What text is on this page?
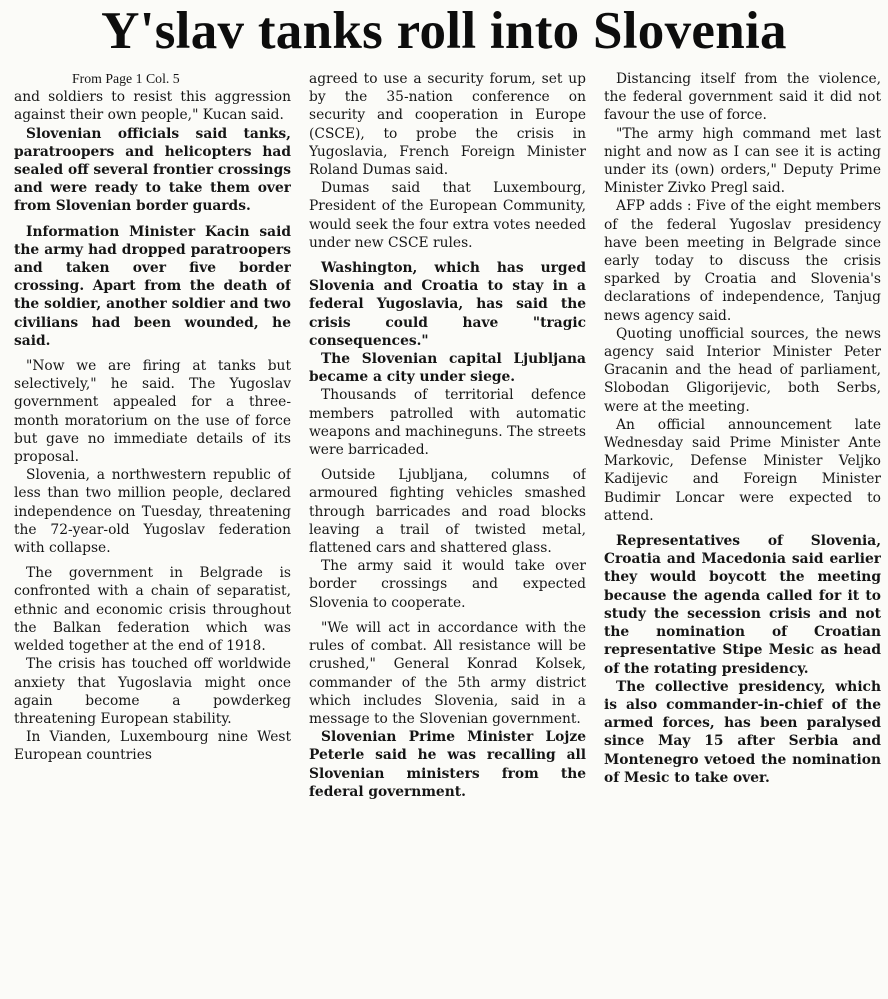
Y'slav tanks roll into Slovenia

From Page 1 Col. 5

and soldiers to resist this aggression against their own people," Kucan said.

Slovenian officials said tanks, paratroopers and helicopters had sealed off several frontier crossings and were ready to take them over from Slovenian border guards.

Information Minister Kacin said the army had dropped paratroopers and taken over five border crossing. Apart from the death of the soldier, another soldier and two civilians had been wounded, he said.

"Now we are firing at tanks but selectively," he said. The Yugoslav government appealed for a three-month moratorium on the use of force but gave no immediate details of its proposal.

Slovenia, a northwestern republic of less than two million people, declared independence on Tuesday, threatening the 72-year-old Yugoslav federation with collapse.

The government in Belgrade is confronted with a chain of separatist, ethnic and economic crisis throughout the Balkan federation which was welded together at the end of 1918.

The crisis has touched off worldwide anxiety that Yugoslavia might once again become a powderkeg threatening European stability.

In Vianden, Luxembourg nine West European countries

agreed to use a security forum, set up by the 35-nation conference on security and cooperation in Europe (CSCE), to probe the crisis in Yugoslavia, French Foreign Minister Roland Dumas said.

Dumas said that Luxembourg, President of the European Community, would seek the four extra votes needed under new CSCE rules.

Washington, which has urged Slovenia and Croatia to stay in a federal Yugoslavia, has said the crisis could have "tragic consequences."

The Slovenian capital Ljubljana became a city under siege.

Thousands of territorial defence members patrolled with automatic weapons and machineguns. The streets were barricaded.

Outside Ljubljana, columns of armoured fighting vehicles smashed through barricades and road blocks leaving a trail of twisted metal, flattened cars and shattered glass.

The army said it would take over border crossings and expected Slovenia to cooperate.

"We will act in accordance with the rules of combat. All resistance will be crushed," General Konrad Kolsek, commander of the 5th army district which includes Slovenia, said in a message to the Slovenian government.

Slovenian Prime Minister Lojze Peterle said he was recalling all Slovenian ministers from the federal government.

Distancing itself from the violence, the federal government said it did not favour the use of force.

"The army high command met last night and now as I can see it is acting under its (own) orders," Deputy Prime Minister Zivko Pregl said.

AFP adds : Five of the eight members of the federal Yugoslav presidency have been meeting in Belgrade since early today to discuss the crisis sparked by Croatia and Slovenia's declarations of independence, Tanjug news agency said.

Quoting unofficial sources, the news agency said Interior Minister Peter Gracanin and the head of parliament, Slobodan Gligorijevic, both Serbs, were at the meeting.

An official announcement late Wednesday said Prime Minister Ante Markovic, Defense Minister Veljko Kadijevic and Foreign Minister Budimir Loncar were expected to attend.

Representatives of Slovenia, Croatia and Macedonia said earlier they would boycott the meeting because the agenda called for it to study the secession crisis and not the nomination of Croatian representative Stipe Mesic as head of the rotating presidency.

The collective presidency, which is also commander-in-chief of the armed forces, has been paralysed since May 15 after Serbia and Montenegro vetoed the nomination of Mesic to take over.
